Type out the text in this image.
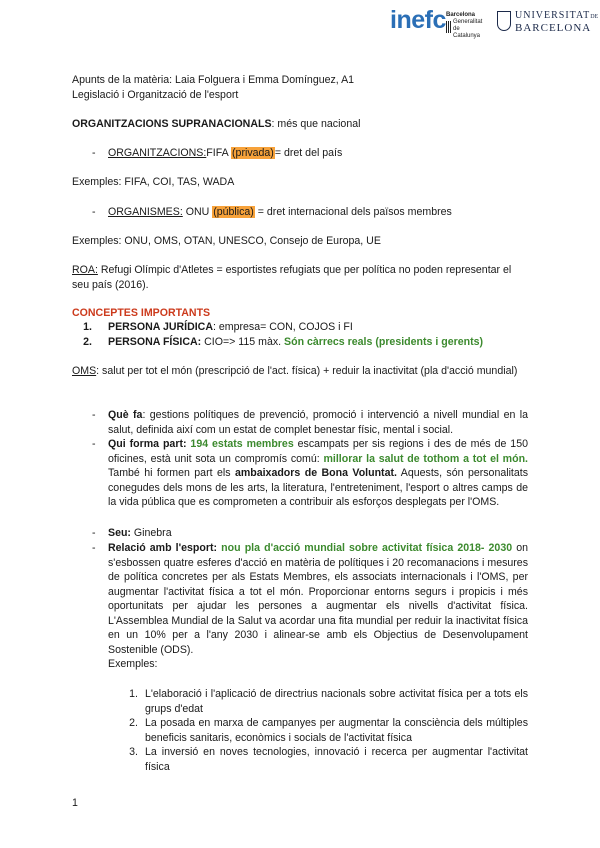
inefc Barcelona
Generalitat
de Catalunya
UNIVERSITATDE
BARCELONA

Apunts de la matèria: Laia Folguera i Emma Domínguez, A1

Legislació i Organització de l'esport

ORGANITZACIONS SUPRANACIONALS: més que nacional

- ORGANITZACIONS:FIFA (privada)= dret del país

Exemples: FIFA, COI, TAS, WADA

- ORGANISMES: ONU (pública) = dret internacional dels països membres

Exemples: ONU, OMS, OTAN, UNESCO, Consejo de Europa, UE

ROA: Refugi Olímpic d'Atletes = esportistes refugiats que per política no poden representar el seu país (2016).

CONCEPTES IMPORTANTS

1. PERSONA JURÍDICA: empresa= CON, COJOS i FI

2. PERSONA FÍSICA: CIO=> 115 màx. Són càrrecs reals (presidents i gerents)

OMS: salut per tot el món (prescripció de l'act. física) + reduir la inactivitat (pla d'acció mundial)

- Què fa: gestions polítiques de prevenció, promoció i intervenció a nivell mundial en la salut, definida així com un estat de complet benestar físic, mental i social.

- Qui forma part: 194 estats membres escampats per sis regions i des de més de 150 oficines, està unit sota un compromís comú: millorar la salut de tothom a tot el món. També hi formen part els ambaixadors de Bona Voluntat. Aquests, són personalitats conegudes dels mons de les arts, la literatura, l'entreteniment, l'esport o altres camps de la vida pública que es comprometen a contribuir als esforços desplegats per l'OMS.

- Seu: Ginebra

- Relació amb l'esport: nou pla d'acció mundial sobre activitat física 2018- 2030 on s'esbossen quatre esferes d'acció en matèria de polítiques i 20 recomanacions i mesures de política concretes per als Estats Membres, els associats internacionals i l'OMS, per augmentar l'activitat física a tot el món. Proporcionar entorns segurs i propicis i més oportunitats per ajudar les persones a augmentar els nivells d'activitat física. L'Assemblea Mundial de la Salut va acordar una fita mundial per reduir la inactivitat física en un 10% per a l'any 2030 i alinear-se amb els Objectius de Desenvolupament Sostenible (ODS).

Exemples:

1. L'elaboració i l'aplicació de directrius nacionals sobre activitat física per a tots els grups d'edat

2. La posada en marxa de campanyes per augmentar la consciència dels múltiples beneficis sanitaris, econòmics i socials de l'activitat física

3. La inversió en noves tecnologies, innovació i recerca per augmentar l'activitat física

1
